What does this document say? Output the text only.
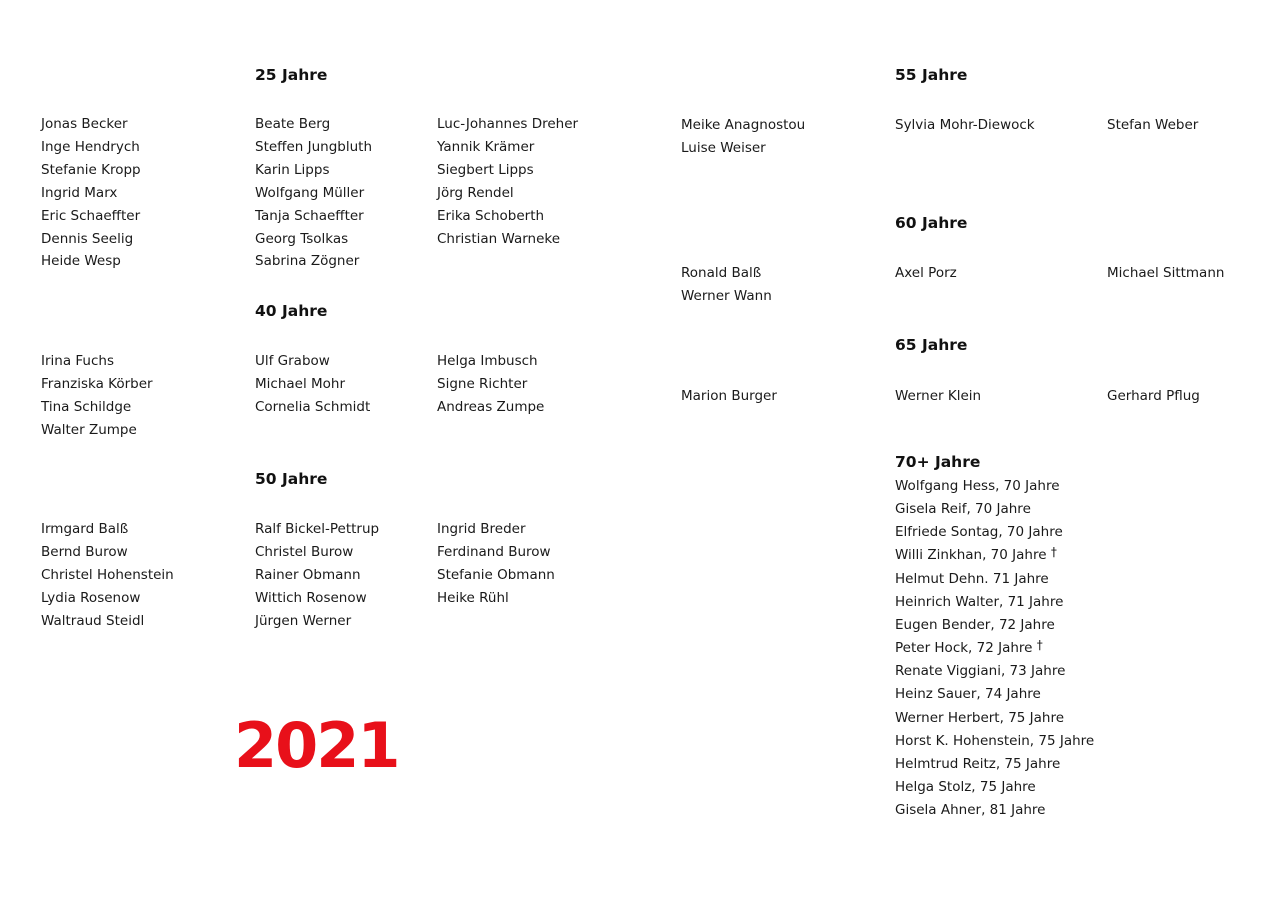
25 Jahre
Jonas Becker
Inge Hendrych
Stefanie Kropp
Ingrid Marx
Eric Schaeffter
Dennis Seelig
Heide Wesp
Beate Berg
Steffen Jungbluth
Karin Lipps
Wolfgang Müller
Tanja Schaeffter
Georg Tsolkas
Sabrina Zögner
Luc-Johannes Dreher
Yannik Krämer
Siegbert Lipps
Jörg Rendel
Erika Schoberth
Christian Warneke
40 Jahre
Irina Fuchs
Franziska Körber
Tina Schildge
Walter Zumpe
Ulf Grabow
Michael Mohr
Cornelia Schmidt
Helga Imbusch
Signe Richter
Andreas Zumpe
50 Jahre
Irmgard Balß
Bernd Burow
Christel Hohenstein
Lydia Rosenow
Waltraud Steidl
Ralf Bickel-Pettrup
Christel Burow
Rainer Obmann
Wittich Rosenow
Jürgen Werner
Ingrid Breder
Ferdinand Burow
Stefanie Obmann
Heike Rühl
2021
55 Jahre
Meike Anagnostou
Luise Weiser
Sylvia Mohr-Diewock	Stefan Weber
60 Jahre
Ronald Balß
Werner Wann
Axel Porz	Michael Sittmann
65 Jahre
Marion Burger	Werner Klein	Gerhard Pflug
70+ Jahre
Wolfgang Hess, 70 Jahre
Gisela Reif, 70 Jahre
Elfriede Sontag, 70 Jahre
Willi Zinkhan, 70 Jahre †
Helmut Dehn. 71 Jahre
Heinrich Walter, 71 Jahre
Eugen Bender, 72 Jahre
Peter Hock, 72 Jahre †
Renate Viggiani, 73 Jahre
Heinz Sauer, 74 Jahre
Werner Herbert, 75 Jahre
Horst K. Hohenstein, 75 Jahre
Helmtrud Reitz, 75 Jahre
Helga Stolz, 75 Jahre
Gisela Ahner, 81 Jahre
